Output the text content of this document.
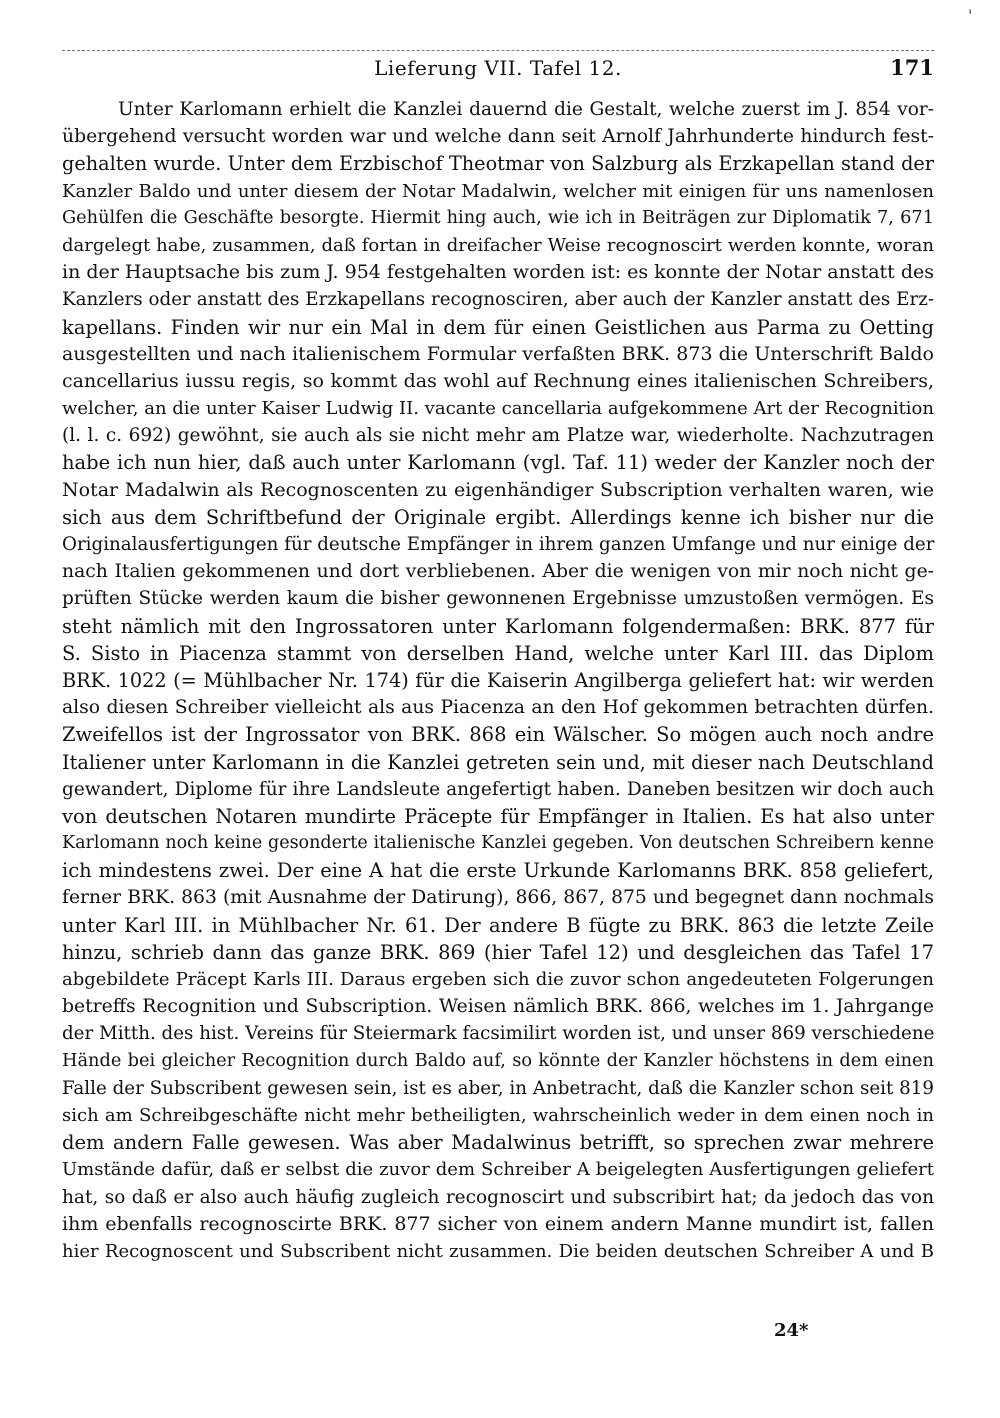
'
Lieferung VII. Tafel 12.	171
Unter Karlomann erhielt die Kanzlei dauernd die Gestalt, welche zuerst im J. 854 vor-
übergehend versucht worden war und welche dann seit Arnolf Jahrhunderte hindurch fest-
gehalten wurde. Unter dem Erzbischof Theotmar von Salzburg als Erzkapellan stand der
Kanzler Baldo und unter diesem der Notar Madalwin, welcher mit einigen für uns namenlosen
Gehülfen die Geschäfte besorgte. Hiermit hing auch, wie ich in Beiträgen zur Diplomatik 7, 671
dargelegt habe, zusammen, daß fortan in dreifacher Weise recognoscirt werden konnte, woran
in der Hauptsache bis zum J. 954 festgehalten worden ist: es konnte der Notar anstatt des
Kanzlers oder anstatt des Erzkapellans recognosciren, aber auch der Kanzler anstatt des Erz-
kapellans. Finden wir nur ein Mal in dem für einen Geistlichen aus Parma zu Oetting
ausgestellten und nach italienischem Formular verfaßten BRK. 873 die Unterschrift Baldo
cancellarius iussu regis, so kommt das wohl auf Rechnung eines italienischen Schreibers,
welcher, an die unter Kaiser Ludwig II. vacante cancellaria aufgekommene Art der Recognition
(l. l. c. 692) gewöhnt, sie auch als sie nicht mehr am Platze war, wiederholte. Nachzutragen
habe ich nun hier, daß auch unter Karlomann (vgl. Taf. 11) weder der Kanzler noch der
Notar Madalwin als Recognoscenten zu eigenhändiger Subscription verhalten waren, wie
sich aus dem Schriftbefund der Originale ergibt. Allerdings kenne ich bisher nur die
Originalausfertigungen für deutsche Empfänger in ihrem ganzen Umfange und nur einige der
nach Italien gekommenen und dort verbliebenen. Aber die wenigen von mir noch nicht ge-
prüften Stücke werden kaum die bisher gewonnenen Ergebnisse umzustoßen vermögen. Es
steht nämlich mit den Ingrossatoren unter Karlomann folgendermaßen: BRK. 877 für
S. Sisto in Piacenza stammt von derselben Hand, welche unter Karl III. das Diplom
BRK. 1022 (= Mühlbacher Nr. 174) für die Kaiserin Angilberga geliefert hat: wir werden
also diesen Schreiber vielleicht als aus Piacenza an den Hof gekommen betrachten dürfen.
Zweifellos ist der Ingrossator von BRK. 868 ein Wälscher. So mögen auch noch andre
Italiener unter Karlomann in die Kanzlei getreten sein und, mit dieser nach Deutschland
gewandert, Diplome für ihre Landsleute angefertigt haben. Daneben besitzen wir doch auch
von deutschen Notaren mundirte Präcepte für Empfänger in Italien. Es hat also unter
Karlomann noch keine gesonderte italienische Kanzlei gegeben. Von deutschen Schreibern kenne
ich mindestens zwei. Der eine A hat die erste Urkunde Karlomanns BRK. 858 geliefert,
ferner BRK. 863 (mit Ausnahme der Datirung), 866, 867, 875 und begegnet dann nochmals
unter Karl III. in Mühlbacher Nr. 61. Der andere B fügte zu BRK. 863 die letzte Zeile
hinzu, schrieb dann das ganze BRK. 869 (hier Tafel 12) und desgleichen das Tafel 17
abgebildete Präcept Karls III. Daraus ergeben sich die zuvor schon angedeuteten Folgerungen
betreffs Recognition und Subscription. Weisen nämlich BRK. 866, welches im 1. Jahrgange
der Mitth. des hist. Vereins für Steiermark facsimilirt worden ist, und unser 869 verschiedene
Hände bei gleicher Recognition durch Baldo auf, so könnte der Kanzler höchstens in dem einen
Falle der Subscribent gewesen sein, ist es aber, in Anbetracht, daß die Kanzler schon seit 819
sich am Schreibgeschäfte nicht mehr betheiligten, wahrscheinlich weder in dem einen noch in
dem andern Falle gewesen. Was aber Madalwinus betrifft, so sprechen zwar mehrere
Umstände dafür, daß er selbst die zuvor dem Schreiber A beigelegten Ausfertigungen geliefert
hat, so daß er also auch häufig zugleich recognoscirt und subscribirt hat; da jedoch das von
ihm ebenfalls recognoscirte BRK. 877 sicher von einem andern Manne mundirt ist, fallen
hier Recognoscent und Subscribent nicht zusammen. Die beiden deutschen Schreiber A und B
24*
